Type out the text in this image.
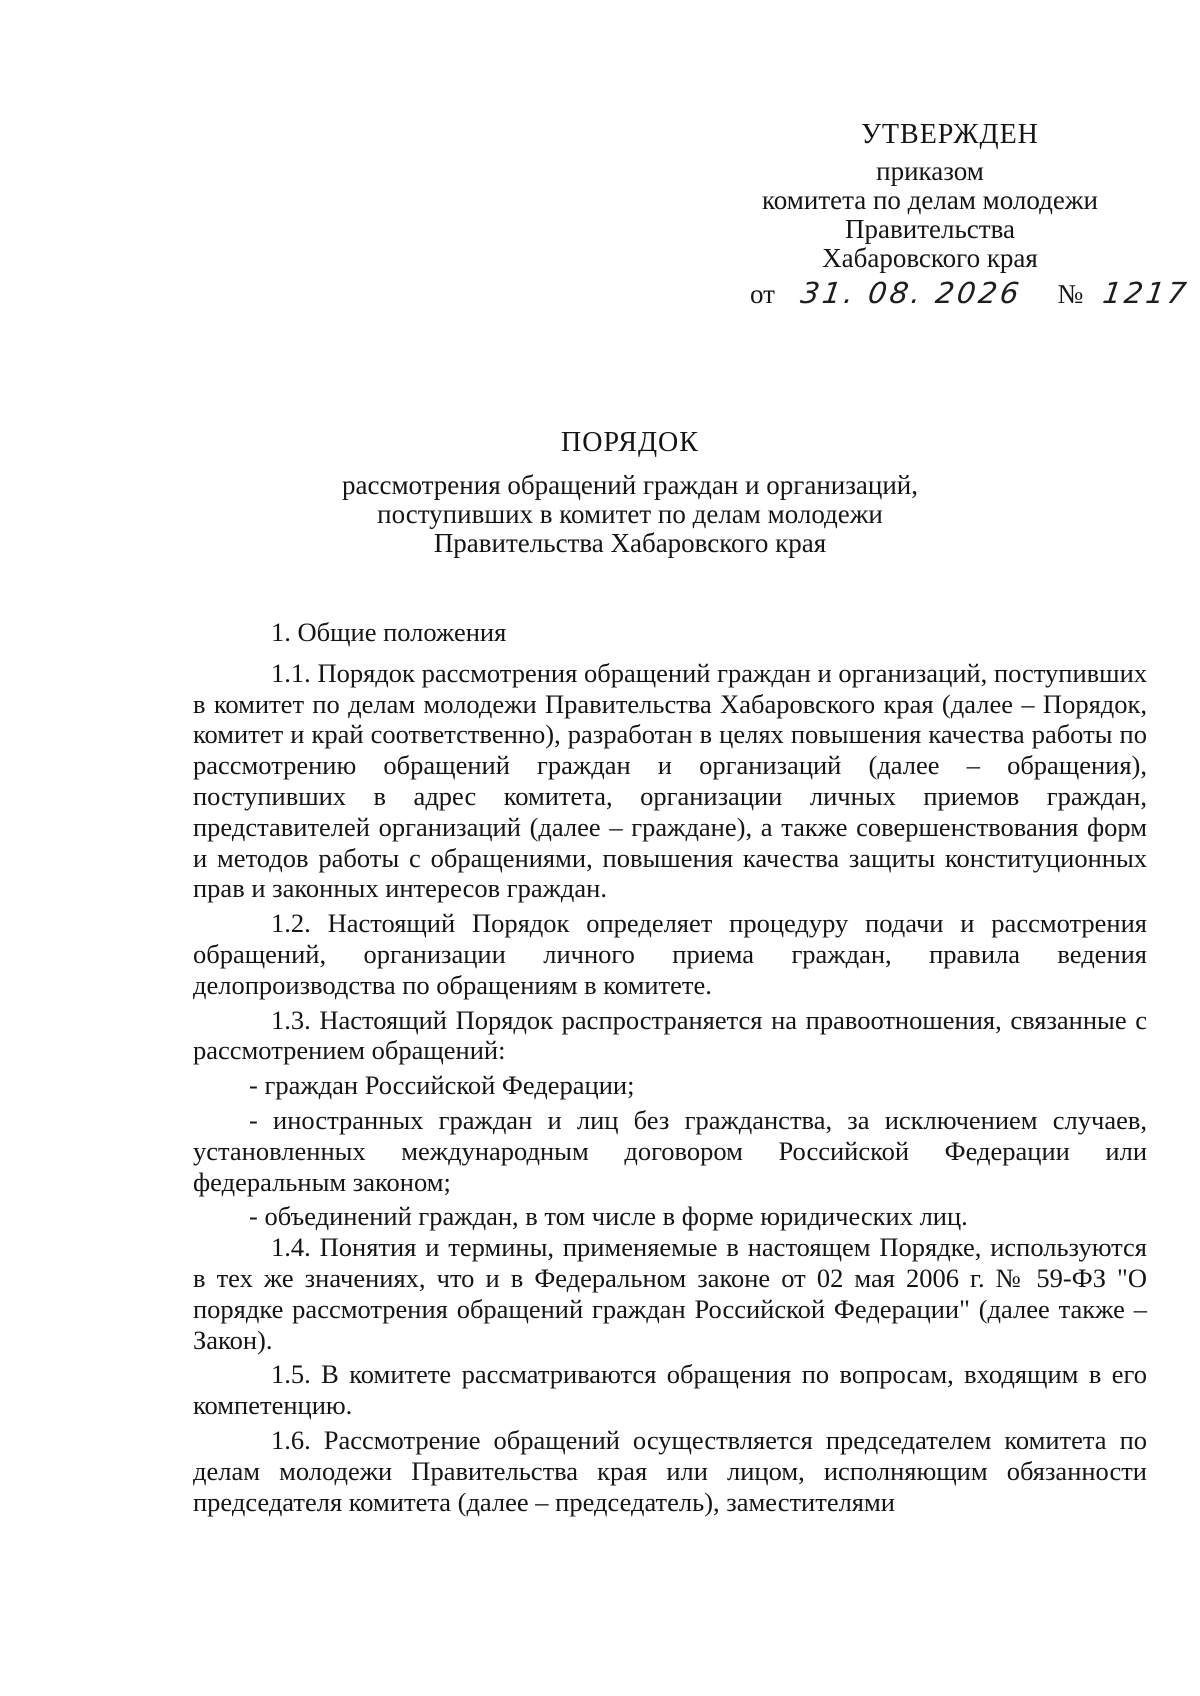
УТВЕРЖДЕН
приказом
комитета по делам молодежи
Правительства
Хабаровского края
от 31. 08. 2026 № 1217
ПОРЯДОК
рассмотрения обращений граждан и организаций,
поступивших в комитет по делам молодежи
Правительства Хабаровского края
1. Общие положения

1.1. Порядок рассмотрения обращений граждан и организаций, поступивших в комитет по делам молодежи Правительства Хабаровского края (далее – Порядок, комитет и край соответственно), разработан в целях повышения качества работы по рассмотрению обращений граждан и организаций (далее – обращения), поступивших в адрес комитета, организации личных приемов граждан, представителей организаций (далее – граждане), а также совершенствования форм и методов работы с обращениями, повышения качества защиты конституционных прав и законных интересов граждан.

1.2. Настоящий Порядок определяет процедуру подачи и рассмотрения обращений, организации личного приема граждан, правила ведения делопроизводства по обращениям в комитете.

1.3. Настоящий Порядок распространяется на правоотношения, связанные с рассмотрением обращений:

- граждан Российской Федерации;

- иностранных граждан и лиц без гражданства, за исключением случаев, установленных международным договором Российской Федерации или федеральным законом;

- объединений граждан, в том числе в форме юридических лиц.

1.4. Понятия и термины, применяемые в настоящем Порядке, используются в тех же значениях, что и в Федеральном законе от 02 мая 2006 г. № 59-ФЗ "О порядке рассмотрения обращений граждан Российской Федерации" (далее также – Закон).

1.5. В комитете рассматриваются обращения по вопросам, входящим в его компетенцию.

1.6. Рассмотрение обращений осуществляется председателем комитета по делам молодежи Правительства края или лицом, исполняющим обязанности председателя комитета (далее – председатель), заместителями
